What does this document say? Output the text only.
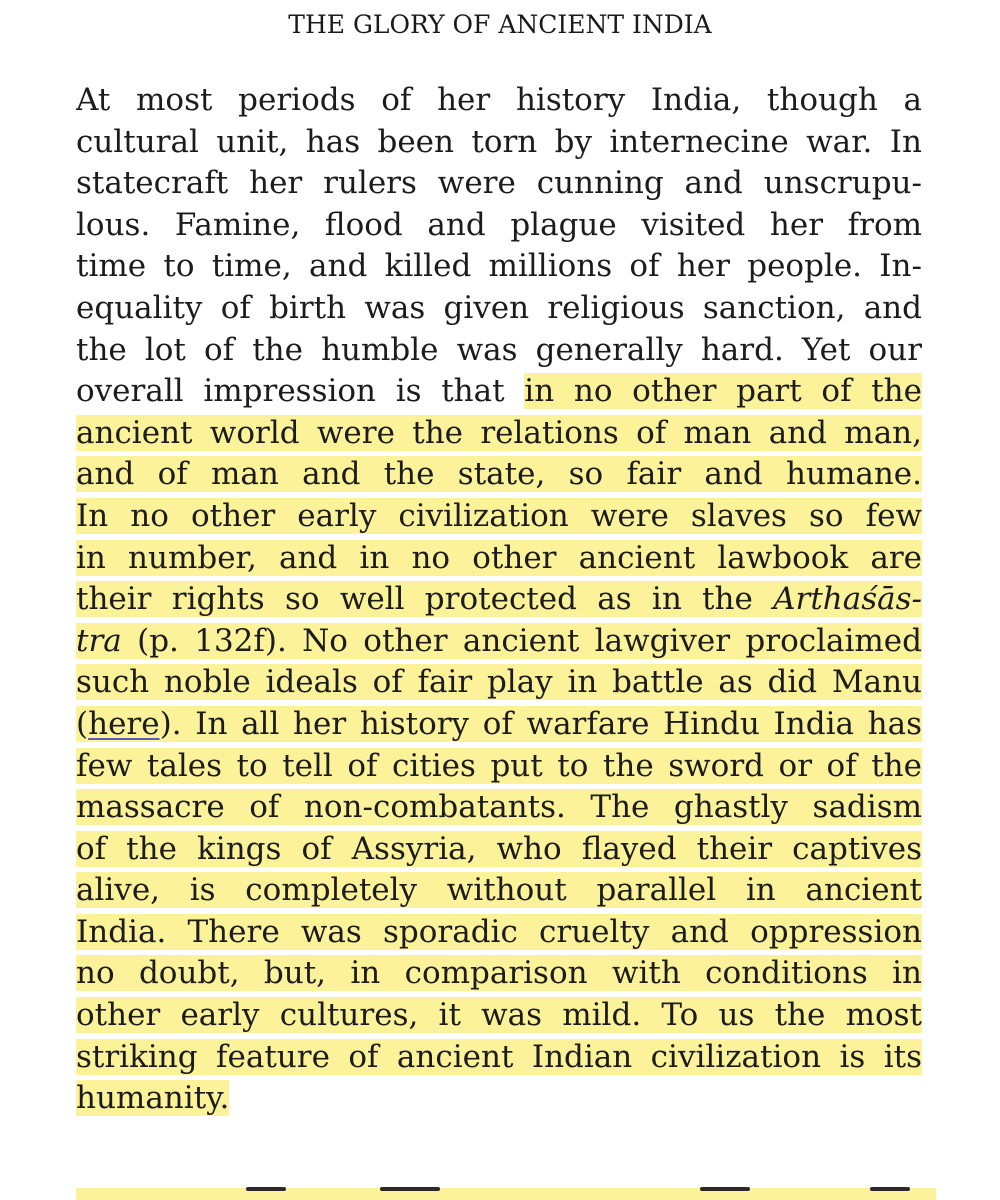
THE GLORY OF ANCIENT INDIA
At most periods of her history India, though a
cultural unit, has been torn by internecine war. In
statecraft her rulers were cunning and unscrupu-
lous. Famine, flood and plague visited her from
time to time, and killed millions of her people. In-
equality of birth was given religious sanction, and
the lot of the humble was generally hard. Yet our
overall impression is that in no other part of the
ancient world were the relations of man and man,
and of man and the state, so fair and humane.
In no other early civilization were slaves so few
in number, and in no other ancient lawbook are
their rights so well protected as in the Arthaśās-
tra (p. 132f). No other ancient lawgiver proclaimed
such noble ideals of fair play in battle as did Manu
(here). In all her history of warfare Hindu India has
few tales to tell of cities put to the sword or of the
massacre of non-combatants. The ghastly sadism
of the kings of Assyria, who flayed their captives
alive, is completely without parallel in ancient
India. There was sporadic cruelty and oppression
no doubt, but, in comparison with conditions in
other early cultures, it was mild. To us the most
striking feature of ancient Indian civilization is its
humanity.
